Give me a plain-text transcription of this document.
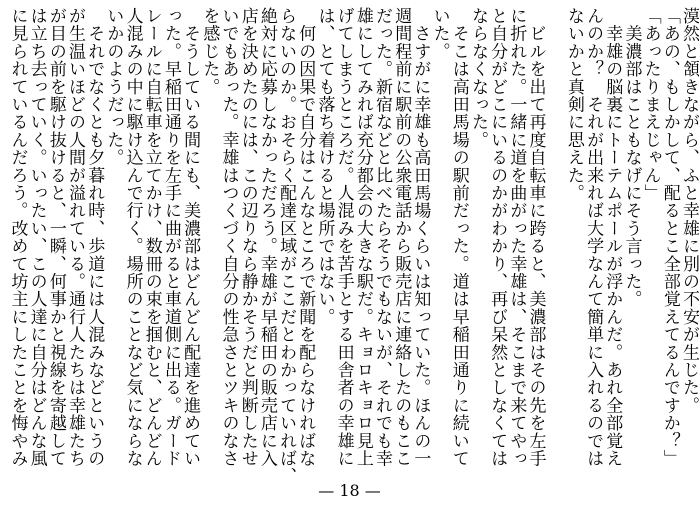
漠然と頷きながら、ふと幸雄に別の不安が生じた。
「あの、もしかして、配るとこ全部覚えてるんですか？」
「あったりまえじゃん」
　美濃部はこともなげにそう言った。
　幸雄の脳裏にトーテムポールが浮かんだ。あれ全部覚え
んのか？　それが出来れば大学なんて簡単に入れるのでは
ないかと真剣に思えた。
　ビルを出て再度自転車に跨ると、美濃部はその先を左手
に折れた。一緒に道を曲がった幸雄は、そこまで来てやっ
と自分がどこにいるのかがわかり、再び呆然としなくては
ならなくなった。
　そこは高田馬場の駅前だった。道は早稲田通りに続いて
いた。
　さすがに幸雄も高田馬場くらいは知っていた。ほんの一
週間程前に駅前の公衆電話から販売店に連絡したのもここ
だった。新宿などと比べたらそうでもないが、それでも幸
雄にしてみれば充分都会の大きな駅だ。キョロキョロ見上
げてしまうところだ。人混みを苦手とする田舎者の幸雄に
は、とても落ち着けると場所ではない。
　何の因果で自分はこんなところで新聞を配らなければな
らないのか。おそらく配達区域がここだとわかっていれば、
絶対に応募しなかっただろう。幸雄が早稲田の販売店に入
店を決めたのには、この辺りなら静かそうだと判断したせ
いでもあった。幸雄はつくづく自分の性急さとツキのなさ
を感じた。
　そうしている間にも、美濃部はどんどん配達を進めてい
った。早稲田通りを左手に曲がると車道側に出る。ガード
レールに自転車を立てかけ、数冊の束を掴むと、どんどん
人混みの中に駆け込んで行く。場所のことなど気にならな
いかのようだった。
　それでなくとも夕暮れ時、歩道には人混みなどというの
が生温いほどの人間が溢れている。通行人たちは幸雄たち
が目の前を駆け抜けると、一瞬、何事かと視線を寄越して
は立ち去っていく。いったい、この人達に自分はどんな風
に見られているんだろう。改めて坊主にしたことを悔やみ
— 18 —
